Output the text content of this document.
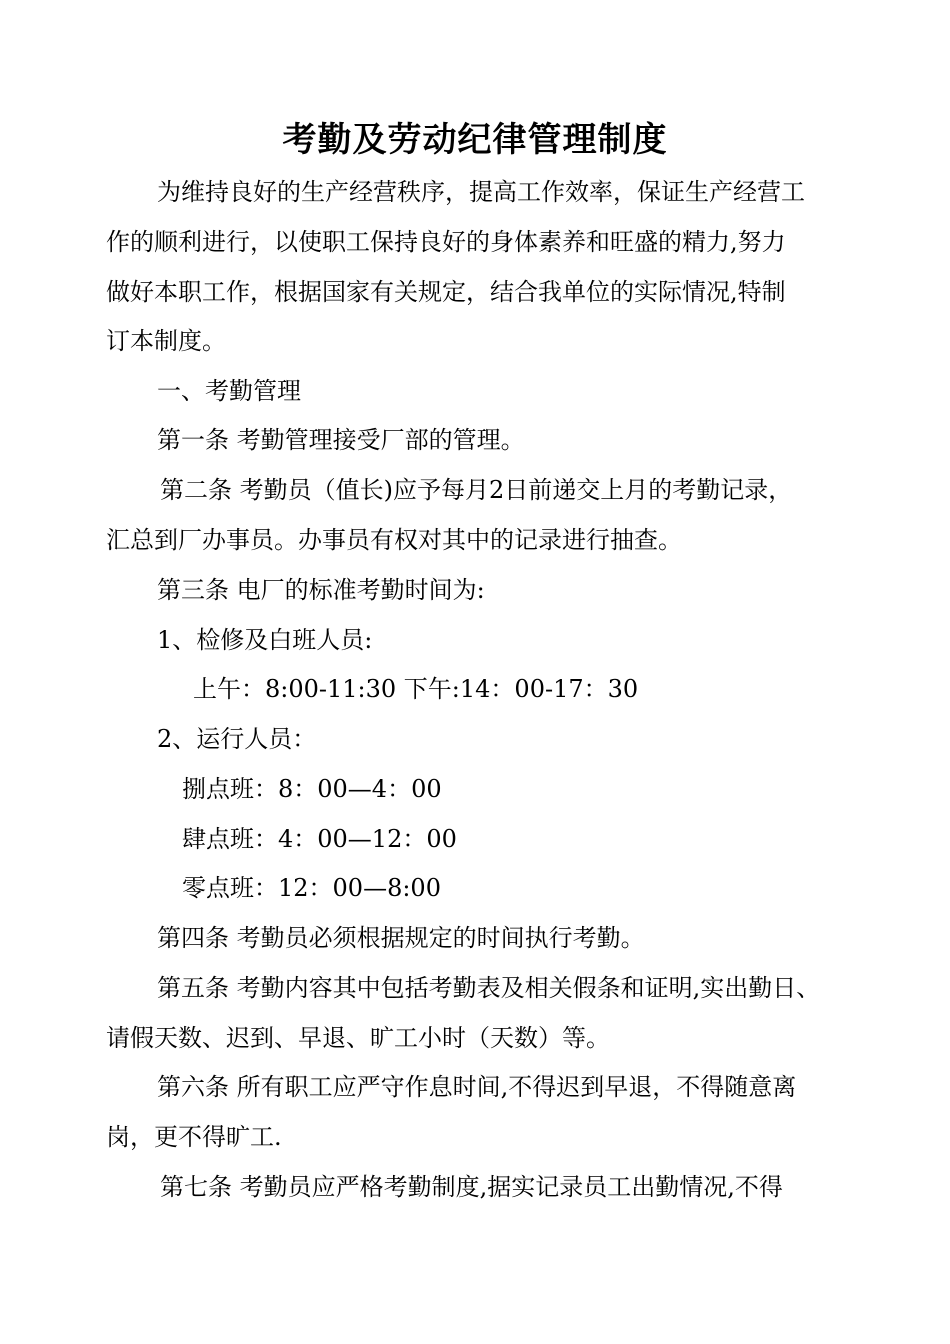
考勤及劳动纪律管理制度
为维持良好的生产经营秩序，提高工作效率，保证生产经营工
作的顺利进行，以使职工保持良好的身体素养和旺盛的精力,努力
做好本职工作，根据国家有关规定，结合我单位的实际情况,特制
订本制度。
一、考勤管理
第一条 考勤管理接受厂部的管理。
第二条 考勤员（值长)应予每月2日前递交上月的考勤记录，
汇总到厂办事员。办事员有权对其中的记录进行抽查。
第三条 电厂的标准考勤时间为:
1、检修及白班人员:
上午：8:00-11:30 下午:14：00-17：30
2、运行人员：
捌点班：8：00—4：00
肆点班：4：00—12：00
零点班：12：00—8:00
第四条 考勤员必须根据规定的时间执行考勤。
第五条 考勤内容其中包括考勤表及相关假条和证明,实出勤日、
请假天数、迟到、早退、旷工小时（天数）等。
第六条 所有职工应严守作息时间,不得迟到早退，不得随意离
岗，更不得旷工.
第七条 考勤员应严格考勤制度,据实记录员工出勤情况,不得
